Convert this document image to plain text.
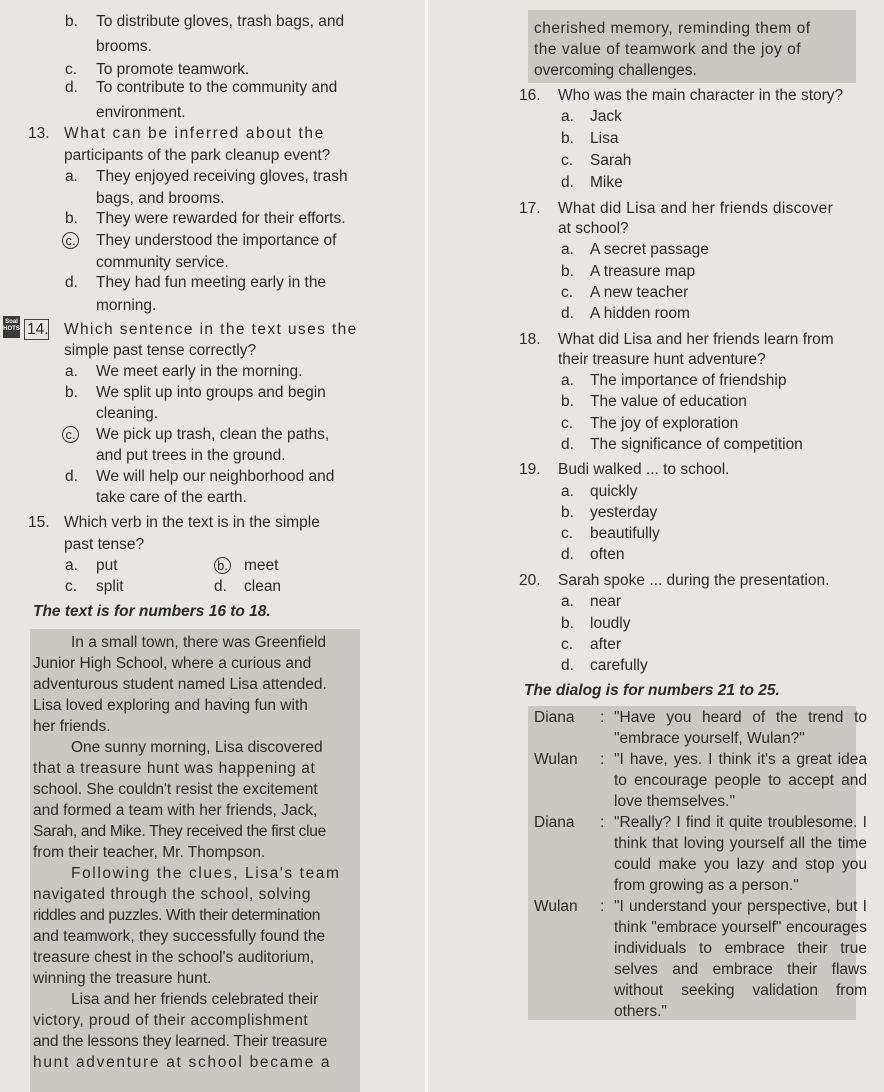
b. To distribute gloves, trash bags, and
brooms.
c. To promote teamwork.
d. To contribute to the community and
environment.
13. What can be inferred about the
participants of the park cleanup event?
a. They enjoyed receiving gloves, trash
bags, and brooms.
b. They were rewarded for their efforts.
c. They understood the importance of
community service.
d. They had fun meeting early in the
morning.
Soal HOTS 14. Which sentence in the text uses the
simple past tense correctly?
a. We meet early in the morning.
b. We split up into groups and begin
cleaning.
c. We pick up trash, clean the paths,
and put trees in the ground.
d. We will help our neighborhood and
take care of the earth.
15. Which verb in the text is in the simple
past tense?
a. put	b. meet
c. split	d. clean
The text is for numbers 16 to 18.
In a small town, there was Greenfield
Junior High School, where a curious and
adventurous student named Lisa attended.
Lisa loved exploring and having fun with
her friends.
One sunny morning, Lisa discovered
that a treasure hunt was happening at
school. She couldn't resist the excitement
and formed a team with her friends, Jack,
Sarah, and Mike. They received the first clue
from their teacher, Mr. Thompson.
Following the clues, Lisa's team
navigated through the school, solving
riddles and puzzles. With their determination
and teamwork, they successfully found the
treasure chest in the school's auditorium,
winning the treasure hunt.
Lisa and her friends celebrated their
victory, proud of their accomplishment
and the lessons they learned. Their treasure
hunt adventure at school became a
cherished memory, reminding them of
the value of teamwork and the joy of
overcoming challenges.
16. Who was the main character in the story?
a. Jack
b. Lisa
c. Sarah
d. Mike
17. What did Lisa and her friends discover
at school?
a. A secret passage
b. A treasure map
c. A new teacher
d. A hidden room
18. What did Lisa and her friends learn from
their treasure hunt adventure?
a. The importance of friendship
b. The value of education
c. The joy of exploration
d. The significance of competition
19. Budi walked ... to school.
a. quickly
b. yesterday
c. beautifully
d. often
20. Sarah spoke ... during the presentation.
a. near
b. loudly
c. after
d. carefully
The dialog is for numbers 21 to 25.
Diana	: "Have you heard of the trend to "embrace yourself, Wulan?"
Wulan	: "I have, yes. I think it's a great idea to encourage people to accept and love themselves."
Diana	: "Really? I find it quite troublesome. I think that loving yourself all the time could make you lazy and stop you from growing as a person."
Wulan	: "I understand your perspective, but I think "embrace yourself" encourages individuals to embrace their true selves and embrace their flaws without seeking validation from others."
